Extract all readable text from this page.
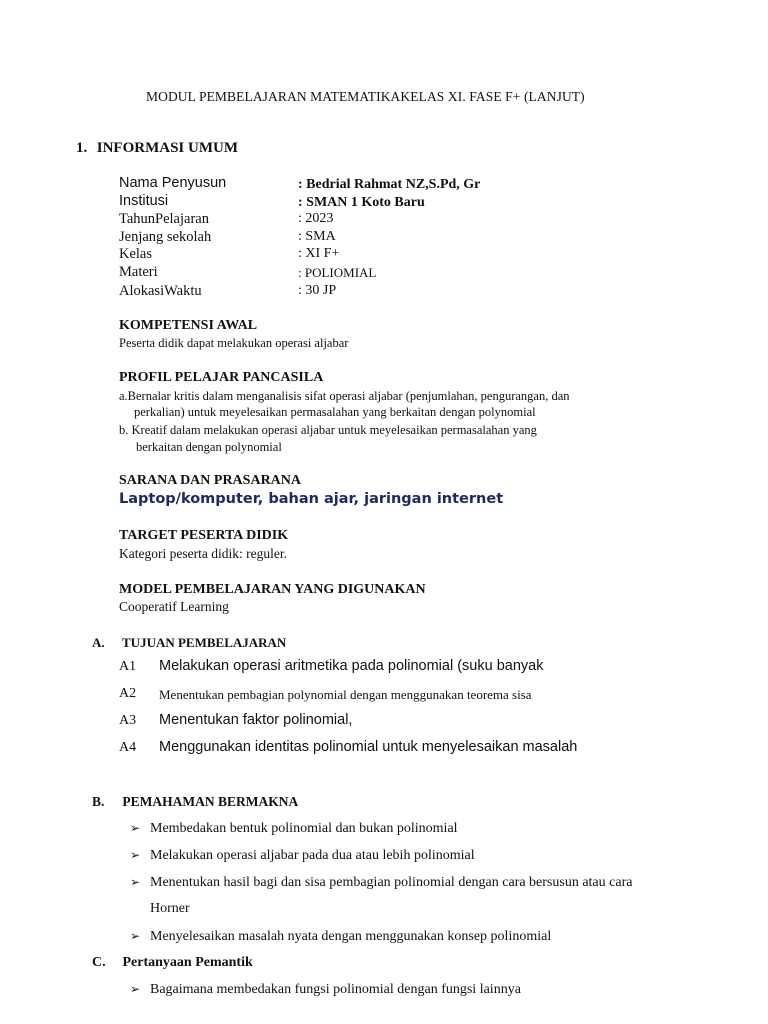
MODUL PEMBELAJARAN MATEMATIKAKELAS XI. FASE F+ (LANJUT)
1. INFORMASI UMUM
Nama Penyusun	: Bedrial Rahmat NZ,S.Pd, Gr
Institusi	: SMAN 1 Koto Baru
TahunPelajaran	: 2023
Jenjang sekolah	: SMA
Kelas	: XI F+
Materi	: POLIOMIAL
AlokasiWaktu	: 30 JP
KOMPETENSI AWAL
Peserta didik dapat melakukan operasi aljabar
PROFIL PELAJAR PANCASILA
a.Bernalar kritis dalam menganalisis sifat operasi aljabar (penjumlahan, pengurangan, dan
perkalian) untuk meyelesaikan permasalahan yang berkaitan dengan polynomial
b. Kreatif dalam melakukan operasi aljabar untuk meyelesaikan permasalahan yang
berkaitan dengan polynomial
SARANA DAN PRASARANA
Laptop/komputer, bahan ajar, jaringan internet
TARGET PESERTA DIDIK
Kategori peserta didik: reguler.
MODEL PEMBELAJARAN YANG DIGUNAKAN
Cooperatif Learning
A. TUJUAN PEMBELAJARAN
A1 Melakukan operasi aritmetika pada polinomial (suku banyak
A2 Menentukan pembagian polynomial dengan menggunakan teorema sisa
A3 Menentukan faktor polinomial,
A4 Menggunakan identitas polinomial untuk menyelesaikan masalah
B. PEMAHAMAN BERMAKNA
➢ Membedakan bentuk polinomial dan bukan polinomial
➢ Melakukan operasi aljabar pada dua atau lebih polinomial
➢ Menentukan hasil bagi dan sisa pembagian polinomial dengan cara bersusun atau cara
Horner
➢ Menyelesaikan masalah nyata dengan menggunakan konsep polinomial
C. Pertanyaan Pemantik
➢ Bagaimana membedakan fungsi polinomial dengan fungsi lainnya
